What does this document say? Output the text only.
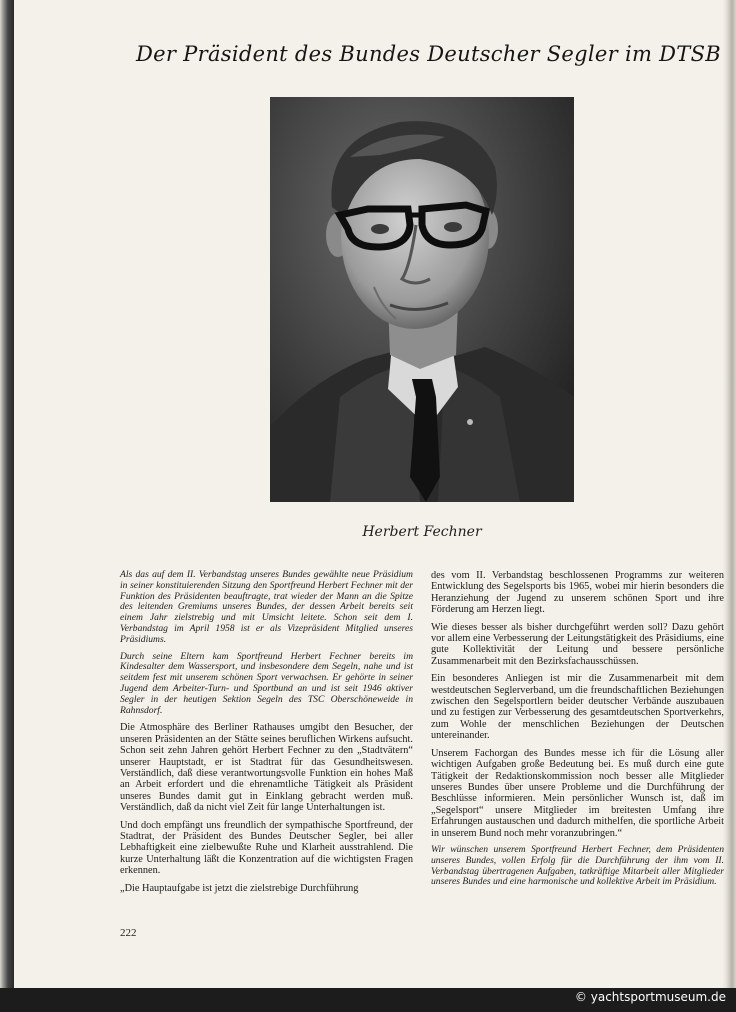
Der Präsident des Bundes Deutscher Segler im DTSB
Herbert Fechner

Als das auf dem II. Verbandstag unseres Bundes gewählte neue Präsidium in seiner konstituierenden Sitzung den Sportfreund Herbert Fechner mit der Funktion des Präsidenten beauftragte, trat wieder der Mann an die Spitze des leitenden Gremiums unseres Bundes, der dessen Arbeit bereits seit einem Jahr zielstrebig und mit Umsicht leitete. Schon seit dem I. Verbandstag im April 1958 ist er als Vizepräsident Mitglied unseres Präsidiums.

Durch seine Eltern kam Sportfreund Herbert Fechner bereits im Kindesalter dem Wassersport, und insbesondere dem Segeln, nahe und ist seitdem fest mit unserem schönen Sport verwachsen. Er gehörte in seiner Jugend dem Arbeiter-Turn- und Sportbund an und ist seit 1946 aktiver Segler in der heutigen Sektion Segeln des TSC Oberschöneweide in Rahnsdorf.

Die Atmosphäre des Berliner Rathauses umgibt den Besucher, der unseren Präsidenten an der Stätte seines beruflichen Wirkens aufsucht. Schon seit zehn Jahren gehört Herbert Fechner zu den „Stadtvätern“ unserer Hauptstadt, er ist Stadtrat für das Gesundheitswesen. Verständlich, daß diese verantwortungsvolle Funktion ein hohes Maß an Arbeit erfordert und die ehrenamtliche Tätigkeit als Präsident unseres Bundes damit gut in Einklang gebracht werden muß. Verständlich, daß da nicht viel Zeit für lange Unterhaltungen ist.

Und doch empfängt uns freundlich der sympathische Sportfreund, der Stadtrat, der Präsident des Bundes Deutscher Segler, bei aller Lebhaftigkeit eine zielbewußte Ruhe und Klarheit ausstrahlend. Die kurze Unterhaltung läßt die Konzentration auf die wichtigsten Fragen erkennen.

„Die Hauptaufgabe ist jetzt die zielstrebige Durchführung

des vom II. Verbandstag beschlossenen Programms zur weiteren Entwicklung des Segelsports bis 1965, wobei mir hierin besonders die Heranziehung der Jugend zu unserem schönen Sport und ihre Förderung am Herzen liegt.

Wie dieses besser als bisher durchgeführt werden soll? Dazu gehört vor allem eine Verbesserung der Leitungstätigkeit des Präsidiums, eine gute Kollektivität der Leitung und bessere persönliche Zusammenarbeit mit den Bezirksfachausschüssen.

Ein besonderes Anliegen ist mir die Zusammenarbeit mit dem westdeutschen Seglerverband, um die freundschaftlichen Beziehungen zwischen den Segelsportlern beider deutscher Verbände auszubauen und zu festigen zur Verbesserung des gesamtdeutschen Sportverkehrs, zum Wohle der menschlichen Beziehungen der Deutschen untereinander.

Unserem Fachorgan des Bundes messe ich für die Lösung aller wichtigen Aufgaben große Bedeutung bei. Es muß durch eine gute Tätigkeit der Redaktionskommission noch besser alle Mitglieder unseres Bundes über unsere Probleme und die Durchführung der Beschlüsse informieren. Mein persönlicher Wunsch ist, daß im „Segelsport“ unsere Mitglieder im breitesten Umfang ihre Erfahrungen austauschen und dadurch mithelfen, die sportliche Arbeit in unserem Bund noch mehr voranzubringen.“

Wir wünschen unserem Sportfreund Herbert Fechner, dem Präsidenten unseres Bundes, vollen Erfolg für die Durchführung der ihm vom II. Verbandstag übertragenen Aufgaben, tatkräftige Mitarbeit aller Mitglieder unseres Bundes und eine harmonische und kollektive Arbeit im Präsidium.

222
© yachtsportmuseum.de
